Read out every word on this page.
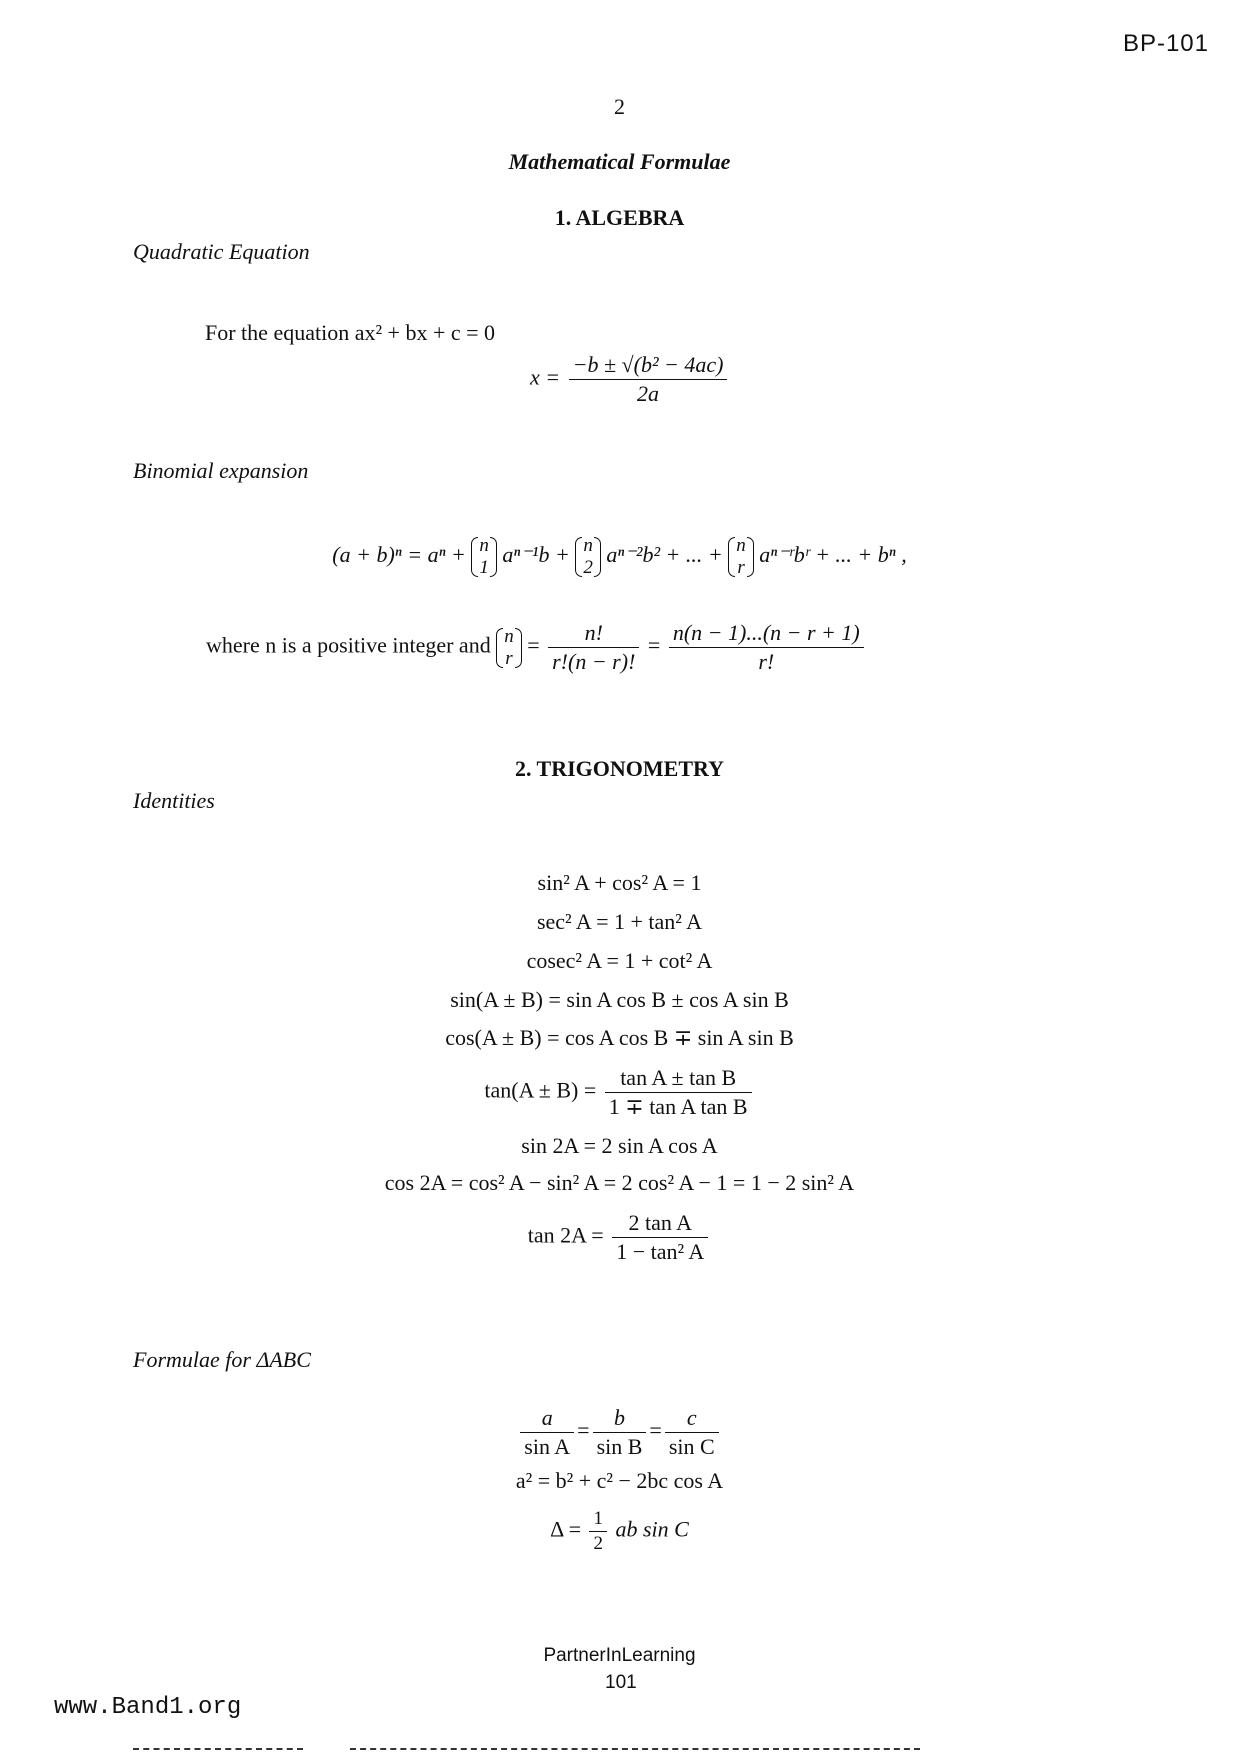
BP-101
2
Mathematical Formulae
1. ALGEBRA
Quadratic Equation
For the equation ax² + bx + c = 0
$x = \frac{\text{−b ± √(b² − 4ac)}}{2a}$
Binomial expansion
(a + b)ⁿ = aⁿ + n
1
aⁿ⁻¹b + n
2
aⁿ⁻²b² + ... + n
r
aⁿ⁻ʳbʳ + ... + bⁿ ,
where n is a positive integer and n
r
= $\frac{n!}{r!(n - r)!} = \frac{n(n - 1)...(n - r + 1)}{r!}$
2. TRIGONOMETRY
Identities
sin² A + cos² A = 1
sec² A = 1 + tan² A
cosec² A = 1 + cot² A
sin(A ± B) = sin A cos B ± cos A sin B
cos(A ± B) = cos A cos B ∓ sin A sin B
$\tan(A \pm B) = \frac{\text{tan A ± tan B}}{\text{1 ∓ tan A tan B}}$
sin 2A = 2 sin A cos A
cos 2A = cos² A − sin² A = 2 cos² A − 1 = 1 − 2 sin² A
$\tan 2A = \frac{\text{2 tan A}}{\text{1 − tan² A}}$
Formulae for ΔABC
$\frac{a}{\text{sin A}} = \frac{b}{\text{sin B}} = \frac{c}{\text{sin C}}$
a² = b² + c² − 2bc cos A
$\Delta = \frac{1}{2}$ ab sin C
PartnerInLearning
101
www.Band1.org
